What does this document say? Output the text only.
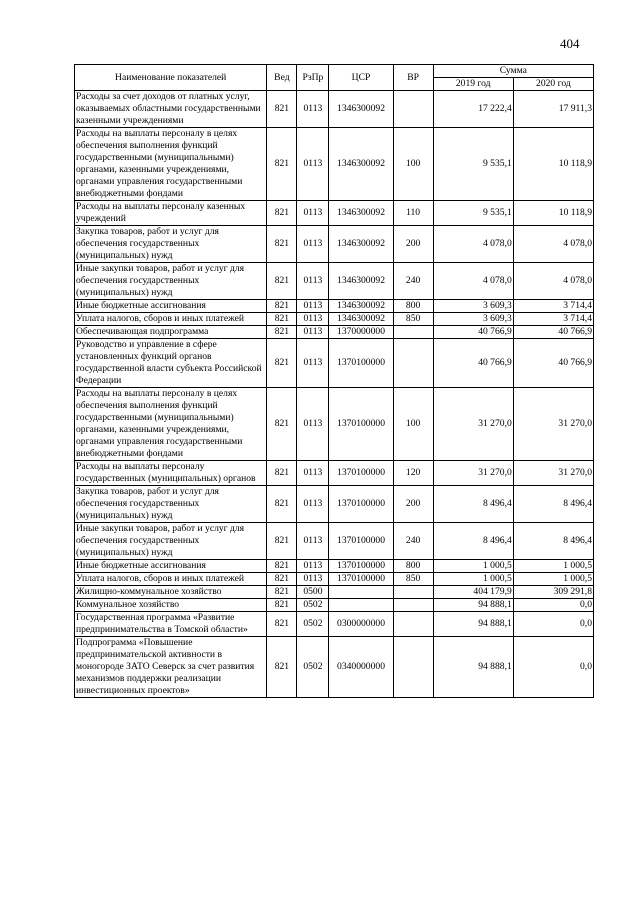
404
Наименование показателей	Вед	РзПр	ЦСР	ВР	Сумма	
					2019 год	2020 год
Расходы за счет доходов от платных услуг, оказываемых областными государственными казенными учреждениями	821	0113	1346300092		17 222,4	17 911,3
Расходы на выплаты персоналу в целях обеспечения выполнения функций государственными (муниципальными) органами, казенными учреждениями, органами управления государственными внебюджетными фондами	821	0113	1346300092	100	9 535,1	10 118,9
Расходы на выплаты персоналу казенных учреждений	821	0113	1346300092	110	9 535,1	10 118,9
Закупка товаров, работ и услуг для обеспечения государственных (муниципальных) нужд	821	0113	1346300092	200	4 078,0	4 078,0
Иные закупки товаров, работ и услуг для обеспечения государственных (муниципальных) нужд	821	0113	1346300092	240	4 078,0	4 078,0
Иные бюджетные ассигнования	821	0113	1346300092	800	3 609,3	3 714,4
Уплата налогов, сборов и иных платежей	821	0113	1346300092	850	3 609,3	3 714,4
Обеспечивающая подпрограмма	821	0113	1370000000		40 766,9	40 766,9
Руководство и управление в сфере установленных функций органов государственной власти субъекта Российской Федерации	821	0113	1370100000		40 766,9	40 766,9
Расходы на выплаты персоналу в целях обеспечения выполнения функций государственными (муниципальными) органами, казенными учреждениями, органами управления государственными внебюджетными фондами	821	0113	1370100000	100	31 270,0	31 270,0
Расходы на выплаты персоналу государственных (муниципальных) органов	821	0113	1370100000	120	31 270,0	31 270,0
Закупка товаров, работ и услуг для обеспечения государственных (муниципальных) нужд	821	0113	1370100000	200	8 496,4	8 496,4
Иные закупки товаров, работ и услуг для обеспечения государственных (муниципальных) нужд	821	0113	1370100000	240	8 496,4	8 496,4
Иные бюджетные ассигнования	821	0113	1370100000	800	1 000,5	1 000,5
Уплата налогов, сборов и иных платежей	821	0113	1370100000	850	1 000,5	1 000,5
Жилищно-коммунальное хозяйство	821	0500			404 179,9	309 291,8
Коммунальное хозяйство	821	0502			94 888,1	0,0
Государственная программа «Развитие предпринимательства в Томской области»	821	0502	0300000000		94 888,1	0,0
Подпрограмма «Повышение предпринимательской активности в моногороде ЗАТО Северск за счет развития механизмов поддержки реализации инвестиционных проектов»	821	0502	0340000000		94 888,1	0,0
